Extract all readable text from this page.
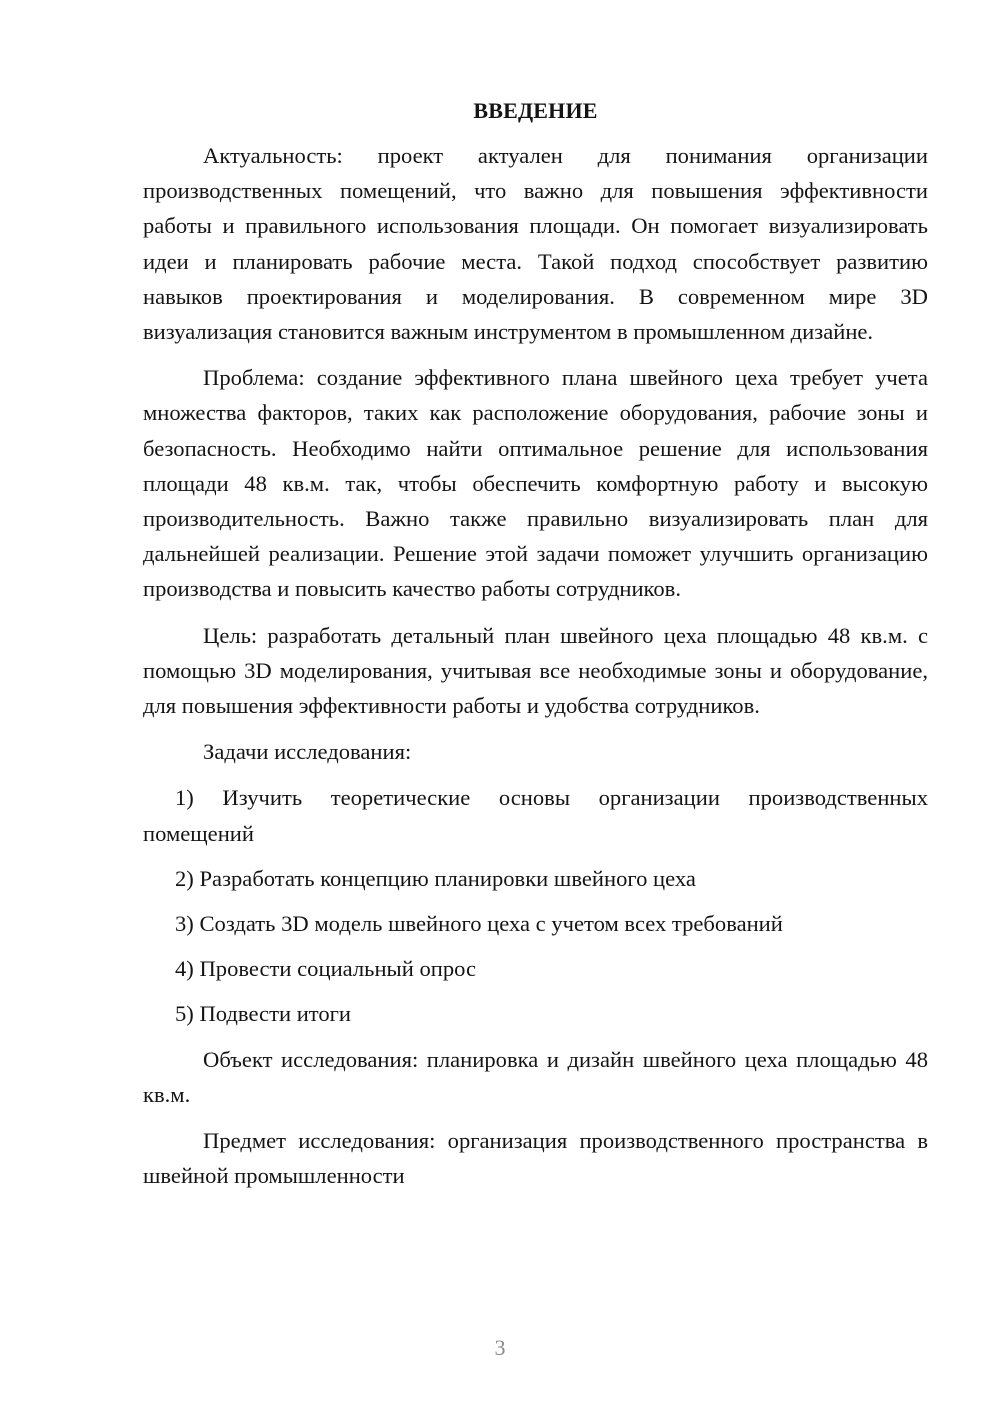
ВВЕДЕНИЕ

Актуальность: проект актуален для понимания организации производственных помещений, что важно для повышения эффективности работы и правильного использования площади. Он помогает визуализировать идеи и планировать рабочие места. Такой подход способствует развитию навыков проектирования и моделирования. В современном мире 3D визуализация становится важным инструментом в промышленном дизайне.

Проблема: создание эффективного плана швейного цеха требует учета множества факторов, таких как расположение оборудования, рабочие зоны и безопасность. Необходимо найти оптимальное решение для использования площади 48 кв.м. так, чтобы обеспечить комфортную работу и высокую производительность. Важно также правильно визуализировать план для дальнейшей реализации. Решение этой задачи поможет улучшить организацию производства и повысить качество работы сотрудников.

Цель: разработать детальный план швейного цеха площадью 48 кв.м. с помощью 3D моделирования, учитывая все необходимые зоны и оборудование, для повышения эффективности работы и удобства сотрудников.

Задачи исследования:

1) Изучить теоретические основы организации производственных помещений
2) Разработать концепцию планировки швейного цеха
3) Создать 3D модель швейного цеха с учетом всех требований
4) Провести социальный опрос
5) Подвести итоги

Объект исследования: планировка и дизайн швейного цеха площадью 48 кв.м.

Предмет исследования: организация производственного пространства в швейной промышленности

3
